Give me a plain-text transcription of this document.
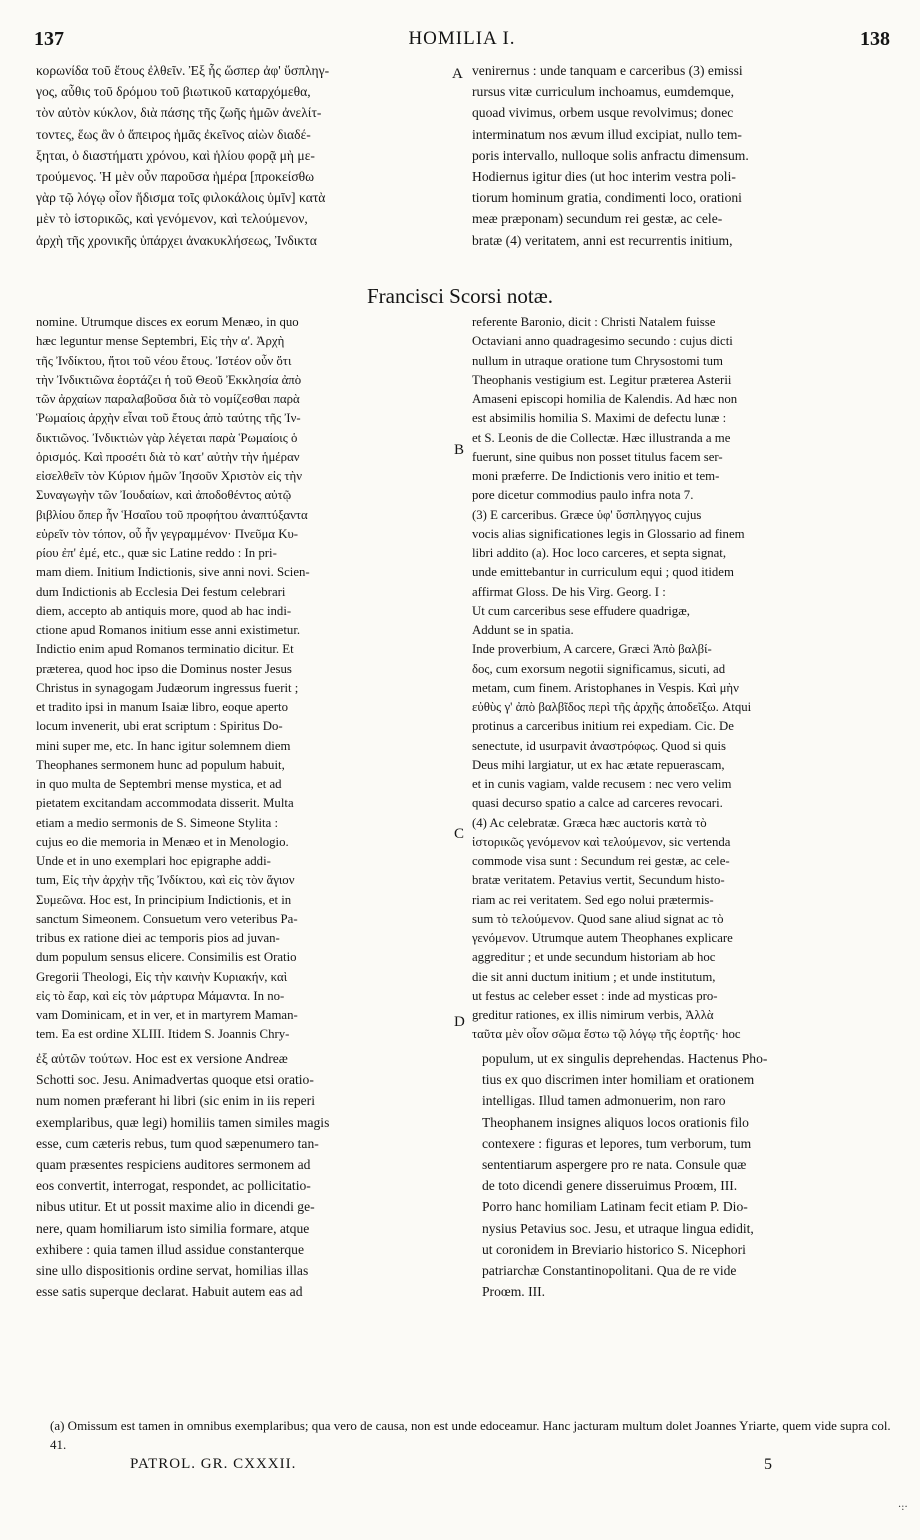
137	HOMILIA I.	138
κορωνίδα τοῦ ἔτους ἐλθεῖν. Ἐξ ἧς ὥσπερ ἀφ' ὕσπληγ-
γος, αὖθις τοῦ δρόμου τοῦ βιωτικοῦ καταρχόμεθα,
τὸν αὐτὸν κύκλον, διὰ πάσης τῆς ζωῆς ἡμῶν ἀνελίτ-
τοντες, ἕως ἂν ὁ ἄπειρος ἡμᾶς ἐκεῖνος αἰὼν διαδέ-
ξηται, ὁ διαστήματι χρόνου, καὶ ἡλίου φορᾷ μὴ με-
τρούμενος. Ἡ μὲν οὖν παροῦσα ἡμέρα [προκείσθω
γὰρ τῷ λόγῳ οἷον ἥδισμα τοῖς φιλοκάλοις ὑμῖν] κατὰ
μὲν τὸ ἱστορικῶς, καὶ γενόμενον, καὶ τελούμενον,
ἀρχὴ τῆς χρονικῆς ὑπάρχει ἀνακυκλήσεως, Ἰνδικτα
venirernus : unde tanquam e carceribus (3) emissi
rursus vitæ curriculum inchoamus, eumdemque,
quoad vivimus, orbem usque revolvimus; donec
interminatum nos ævum illud excipiat, nullo tem-
poris intervallo, nulloque solis anfractu dimensum.
Hodiernus igitur dies (ut hoc interim vestra poli-
tiorum hominum gratia, condimenti loco, orationi
meæ præponam) secundum rei gestæ, ac cele-
bratæ (4) veritatem, anni est recurrentis initium,
A
B
C
D
Francisci Scorsi notæ.
nomine. Utrumque disces ex eorum Menæo, in quo
hæc leguntur mense Septembri, Εἰς τὴν α'. Ἀρχὴ
τῆς Ἰνδίκτου, ἤτοι τοῦ νέου ἔτους. Ἰστέον οὖν ὅτι
τὴν Ἰνδικτιῶνα ἑορτάζει ἡ τοῦ Θεοῦ Ἐκκλησία ἀπὸ
τῶν ἀρχαίων παραλαβοῦσα διὰ τὸ νομίζεσθαι παρὰ
Ῥωμαίοις ἀρχὴν εἶναι τοῦ ἔτους ἀπὸ ταύτης τῆς Ἰν-
δικτιῶνος. Ἰνδικτιὼν γὰρ λέγεται παρὰ Ῥωμαίοις ὁ
ὁρισμός. Καὶ προσέτι διὰ τὸ κατ' αὐτὴν τὴν ἡμέραν
εἰσελθεῖν τὸν Κύριον ἡμῶν Ἰησοῦν Χριστὸν εἰς τὴν
Συναγωγὴν τῶν Ἰουδαίων, καὶ ἀποδοθέντος αὐτῷ
βιβλίου ὅπερ ἦν Ἡσαΐου τοῦ προφήτου ἀναπτύξαντα
εὑρεῖν τὸν τόπον, οὗ ἦν γεγραμμένον· Πνεῦμα Κυ-
ρίου ἐπ' ἐμέ, etc., quæ sic Latine reddo : In pri-
mam diem. Initium Indictionis, sive anni novi. Scien-
dum Indictionis ab Ecclesia Dei festum celebrari
diem, accepto ab antiquis more, quod ab hac indi-
ctione apud Romanos initium esse anni existimetur.
Indictio enim apud Romanos terminatio dicitur. Et
præterea, quod hoc ipso die Dominus noster Jesus
Christus in synagogam Judæorum ingressus fuerit ;
et tradito ipsi in manum Isaiæ libro, eoque aperto
locum invenerit, ubi erat scriptum : Spiritus Do-
mini super me, etc. In hanc igitur solemnem diem
Theophanes sermonem hunc ad populum habuit,
in quo multa de Septembri mense mystica, et ad
pietatem excitandam accommodata disserit. Multa
etiam a medio sermonis de S. Simeone Stylita :
cujus eo die memoria in Menæo et in Menologio.
Unde et in uno exemplari hoc epigraphe addi-
tum, Εἰς τὴν ἀρχὴν τῆς Ἰνδίκτου, καὶ εἰς τὸν ἅγιον
Συμεῶνα. Hoc est, In principium Indictionis, et in
sanctum Simeonem. Consuetum vero veteribus Pa-
tribus ex ratione diei ac temporis pios ad juvan-
dum populum sensus elicere. Consimilis est Oratio
Gregorii Theologi, Εἰς τὴν καινὴν Κυριακήν, καὶ
εἰς τὸ ἔαρ, καὶ εἰς τὸν μάρτυρα Μάμαντα. In no-
vam Dominicam, et in ver, et in martyrem Maman-
tem. Ea est ordine XLIII. Itidem S. Joannis Chry-
referente Baronio, dicit : Christi Natalem fuisse
Octaviani anno quadragesimo secundo : cujus dicti
nullum in utraque oratione tum Chrysostomi tum
Theophanis vestigium est. Legitur præterea Asterii
Amaseni episcopi homilia de Kalendis. Ad hæc non
est absimilis homilia S. Maximi de defectu lunæ :
et S. Leonis de die Collectæ. Hæc illustranda a me
fuerunt, sine quibus non posset titulus facem ser-
moni præferre. De Indictionis vero initio et tem-
pore dicetur commodius paulo infra nota 7.
(3) E carceribus. Græce ὑφ' ὕσπληγγος cujus
vocis alias significationes legis in Glossario ad finem
libri addito (a). Hoc loco carceres, et septa signat,
unde emittebantur in curriculum equi ; quod itidem
affirmat Gloss. De his Virg. Georg. I :
Ut cum carceribus sese effudere quadrigæ,
Addunt se in spatia.
Inde proverbium, A carcere, Græci Ἀπὸ βαλβί-
δος, cum exorsum negotii significamus, sicuti, ad
metam, cum finem. Aristophanes in Vespis. Καὶ μὴν
εὐθὺς γ' ἀπὸ βαλβῖδος περὶ τῆς ἀρχῆς ἀποδεῖξω. Atqui
protinus a carceribus initium rei expediam. Cic. De
senectute, id usurpavit ἀναστρόφως. Quod si quis
Deus mihi largiatur, ut ex hac ætate repuerascam,
et in cunis vagiam, valde recusem : nec vero velim
quasi decurso spatio a calce ad carceres revocari.
(4) Ac celebratæ. Græca hæc auctoris κατὰ τὸ
ἱστορικῶς γενόμενον καὶ τελούμενον, sic vertenda
commode visa sunt : Secundum rei gestæ, ac cele-
bratæ veritatem. Petavius vertit, Secundum histo-
riam ac rei veritatem. Sed ego nolui prætermis-
sum τὸ τελούμενον. Quod sane aliud signat ac τὸ
γενόμενον. Utrumque autem Theophanes explicare
aggreditur ; et unde secundum historiam ab hoc
die sit anni ductum initium ; et unde institutum,
ut festus ac celeber esset : inde ad mysticas pro-
greditur rationes, ex illis nimirum verbis, Ἀλλὰ
ταῦτα μὲν οἷον σῶμα ἔστω τῷ λόγῳ τῆς ἑορτῆς· hoc
ἐξ αὐτῶν τούτων. Hoc est ex versione Andreæ
Schotti soc. Jesu. Animadvertas quoque etsi oratio-
num nomen præferant hi libri (sic enim in iis reperi
exemplaribus, quæ legi) homiliis tamen similes magis
esse, cum cæteris rebus, tum quod sæpenumero tan-
quam præsentes respiciens auditores sermonem ad
eos convertit, interrogat, respondet, ac pollicitatio-
nibus utitur. Et ut possit maxime alio in dicendi ge-
nere, quam homiliarum isto similia formare, atque
exhibere : quia tamen illud assidue constanterque
sine ullo dispositionis ordine servat, homilias illas
esse satis superque declarat. Habuit autem eas ad
populum, ut ex singulis deprehendas. Hactenus Pho-
tius ex quo discrimen inter homiliam et orationem
intelligas. Illud tamen admonuerim, non raro
Theophanem insignes aliquos locos orationis filo
contexere : figuras et lepores, tum verborum, tum
sententiarum aspergere pro re nata. Consule quæ
de toto dicendi genere disseruimus Proœm, III.
Porro hanc homiliam Latinam fecit etiam P. Dio-
nysius Petavius soc. Jesu, et utraque lingua edidit,
ut coronidem in Breviario historico S. Nicephori
patriarchæ Constantinopolitani. Qua de re vide
Proœm. III.
(a) Omissum est tamen in omnibus exemplaribus; qua vero de causa, non est unde edoceamur. Hanc jacturam multum dolet Joannes Yriarte, quem vide supra col. 41.
PATROL. GR. CXXXII.	5
·:·
